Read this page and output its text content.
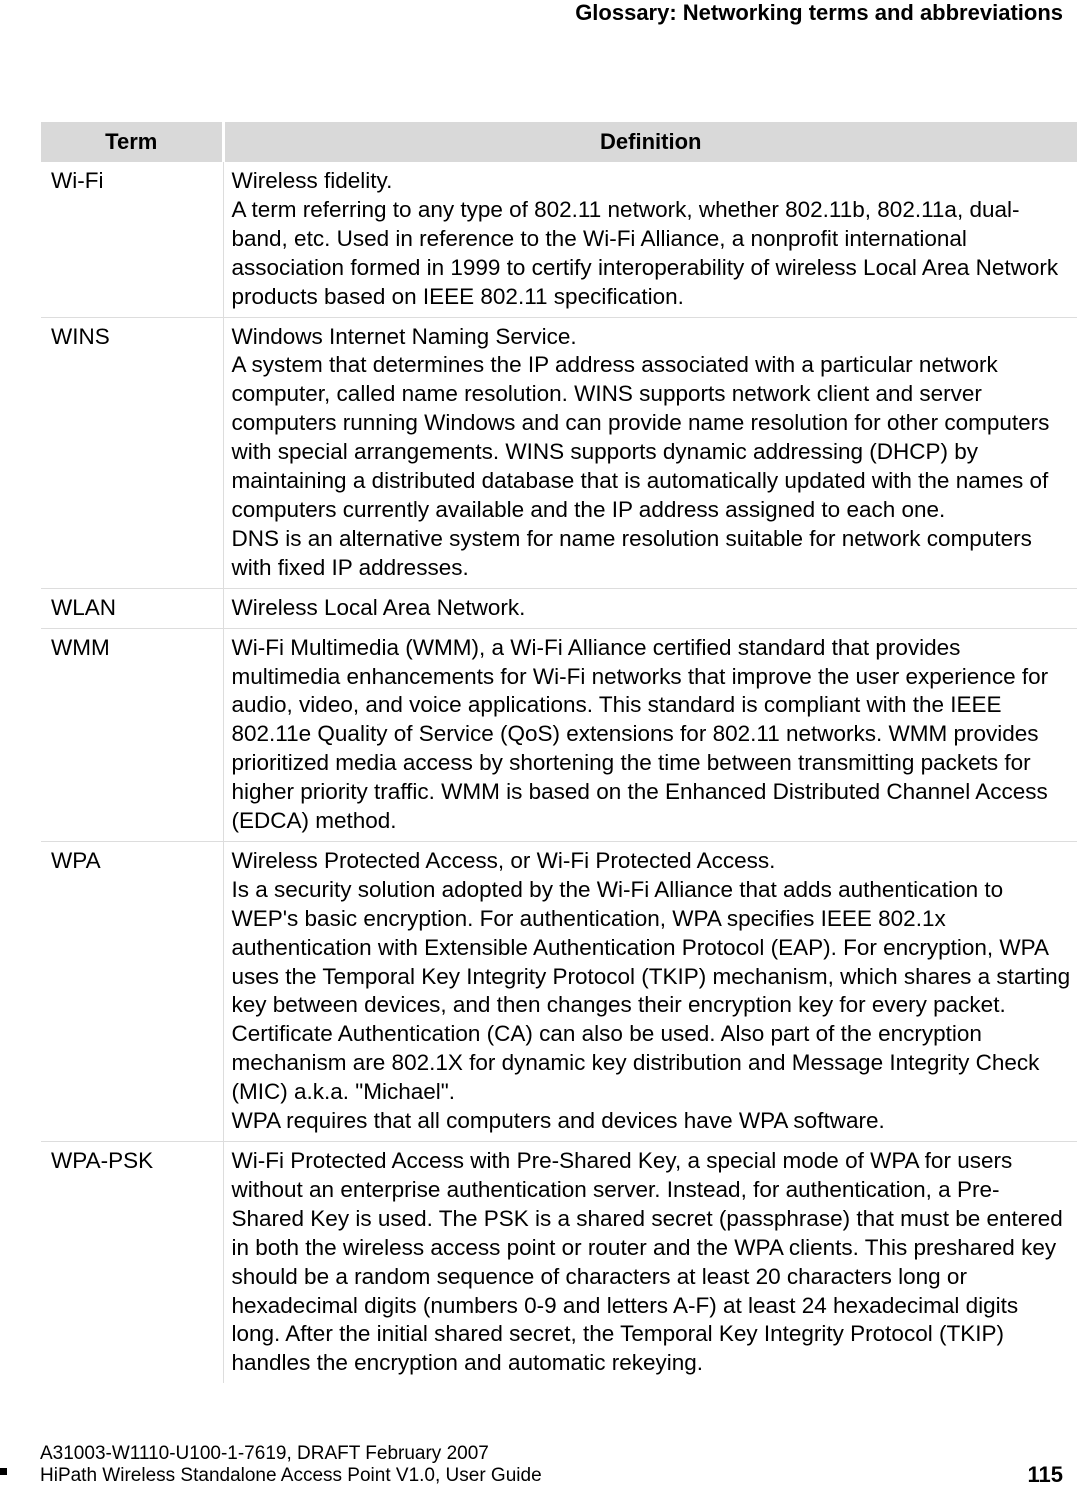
Glossary: Networking terms and abbreviations
Term	Definition
Wi-Fi	Wireless fidelity.
A term referring to any type of 802.11 network, whether 802.11b, 802.11a, dual-band, etc. Used in reference to the Wi-Fi Alliance, a nonprofit international association formed in 1999 to certify interoperability of wireless Local Area Network products based on IEEE 802.11 specification.

WINS	Windows Internet Naming Service.
A system that determines the IP address associated with a particular network computer, called name resolution. WINS supports network client and server computers running Windows and can provide name resolution for other computers with special arrangements. WINS supports dynamic addressing (DHCP) by maintaining a distributed database that is automatically updated with the names of computers currently available and the IP address assigned to each one.
DNS is an alternative system for name resolution suitable for network computers with fixed IP addresses.

WLAN	Wireless Local Area Network.

WMM	Wi-Fi Multimedia (WMM), a Wi-Fi Alliance certified standard that provides multimedia enhancements for Wi-Fi networks that improve the user experience for audio, video, and voice applications. This standard is compliant with the IEEE 802.11e Quality of Service (QoS) extensions for 802.11 networks. WMM provides prioritized media access by shortening the time between transmitting packets for higher priority traffic. WMM is based on the Enhanced Distributed Channel Access (EDCA) method.

WPA	Wireless Protected Access, or Wi-Fi Protected Access.
Is a security solution adopted by the Wi-Fi Alliance that adds authentication to WEP's basic encryption. For authentication, WPA specifies IEEE 802.1x authentication with Extensible Authentication Protocol (EAP). For encryption, WPA uses the Temporal Key Integrity Protocol (TKIP) mechanism, which shares a starting key between devices, and then changes their encryption key for every packet. Certificate Authentication (CA) can also be used. Also part of the encryption mechanism are 802.1X for dynamic key distribution and Message Integrity Check (MIC) a.k.a. "Michael".
WPA requires that all computers and devices have WPA software.

WPA-PSK	Wi-Fi Protected Access with Pre-Shared Key, a special mode of WPA for users without an enterprise authentication server. Instead, for authentication, a Pre-Shared Key is used. The PSK is a shared secret (passphrase) that must be entered in both the wireless access point or router and the WPA clients. This preshared key should be a random sequence of characters at least 20 characters long or hexadecimal digits (numbers 0-9 and letters A-F) at least 24 hexadecimal digits long. After the initial shared secret, the Temporal Key Integrity Protocol (TKIP) handles the encryption and automatic rekeying.
A31003-W1110-U100-1-7619, DRAFT February 2007
HiPath Wireless Standalone Access Point V1.0, User Guide	115
